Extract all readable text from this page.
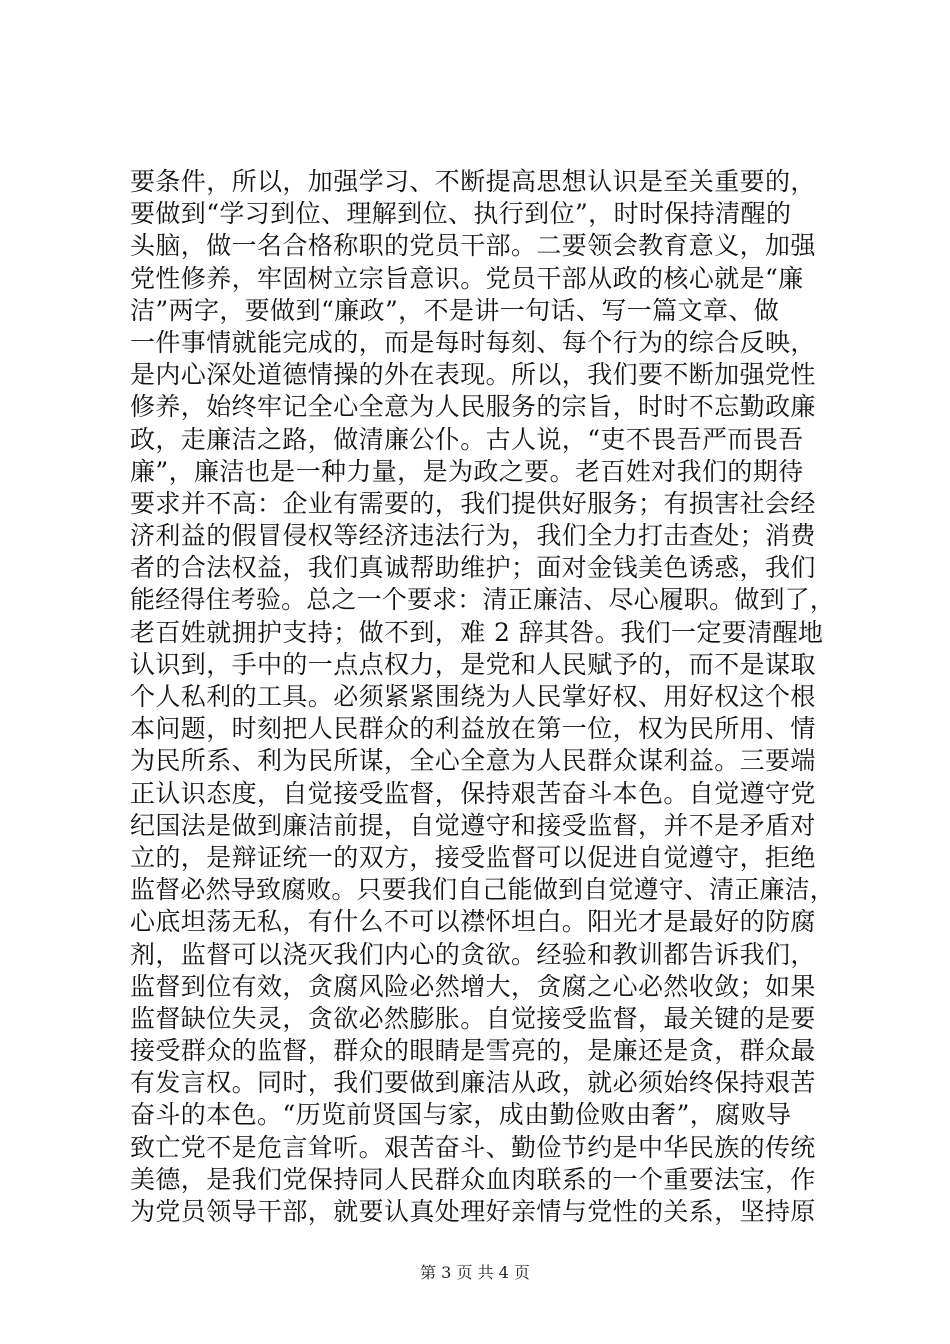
要条件，所以，加强学习、不断提高思想认识是至关重要的，
要做到“学习到位、理解到位、执行到位”，时时保持清醒的
头脑，做一名合格称职的党员干部。二要领会教育意义，加强
党性修养，牢固树立宗旨意识。党员干部从政的核心就是“廉
洁”两字，要做到“廉政”，不是讲一句话、写一篇文章、做
一件事情就能完成的，而是每时每刻、每个行为的综合反映，
是内心深处道德情操的外在表现。所以，我们要不断加强党性
修养，始终牢记全心全意为人民服务的宗旨，时时不忘勤政廉
政，走廉洁之路，做清廉公仆。古人说，“吏不畏吾严而畏吾
廉”，廉洁也是一种力量，是为政之要。老百姓对我们的期待
要求并不高：企业有需要的，我们提供好服务；有损害社会经
济利益的假冒侵权等经济违法行为，我们全力打击查处；消费
者的合法权益，我们真诚帮助维护；面对金钱美色诱惑，我们
能经得住考验。总之一个要求：清正廉洁、尽心履职。做到了，
老百姓就拥护支持；做不到，难 2 辞其咎。我们一定要清醒地
认识到，手中的一点点权力，是党和人民赋予的，而不是谋取
个人私利的工具。必须紧紧围绕为人民掌好权、用好权这个根
本问题，时刻把人民群众的利益放在第一位，权为民所用、情
为民所系、利为民所谋，全心全意为人民群众谋利益。三要端
正认识态度，自觉接受监督，保持艰苦奋斗本色。自觉遵守党
纪国法是做到廉洁前提，自觉遵守和接受监督，并不是矛盾对
立的，是辩证统一的双方，接受监督可以促进自觉遵守，拒绝
监督必然导致腐败。只要我们自己能做到自觉遵守、清正廉洁，
心底坦荡无私，有什么不可以襟怀坦白。阳光才是最好的防腐
剂，监督可以浇灭我们内心的贪欲。经验和教训都告诉我们，
监督到位有效，贪腐风险必然增大，贪腐之心必然收敛；如果
监督缺位失灵，贪欲必然膨胀。自觉接受监督，最关键的是要
接受群众的监督，群众的眼睛是雪亮的，是廉还是贪，群众最
有发言权。同时，我们要做到廉洁从政，就必须始终保持艰苦
奋斗的本色。“历览前贤国与家，成由勤俭败由奢”，腐败导
致亡党不是危言耸听。艰苦奋斗、勤俭节约是中华民族的传统
美德，是我们党保持同人民群众血肉联系的一个重要法宝，作
为党员领导干部，就要认真处理好亲情与党性的关系，坚持原
第 3 页 共 4 页
